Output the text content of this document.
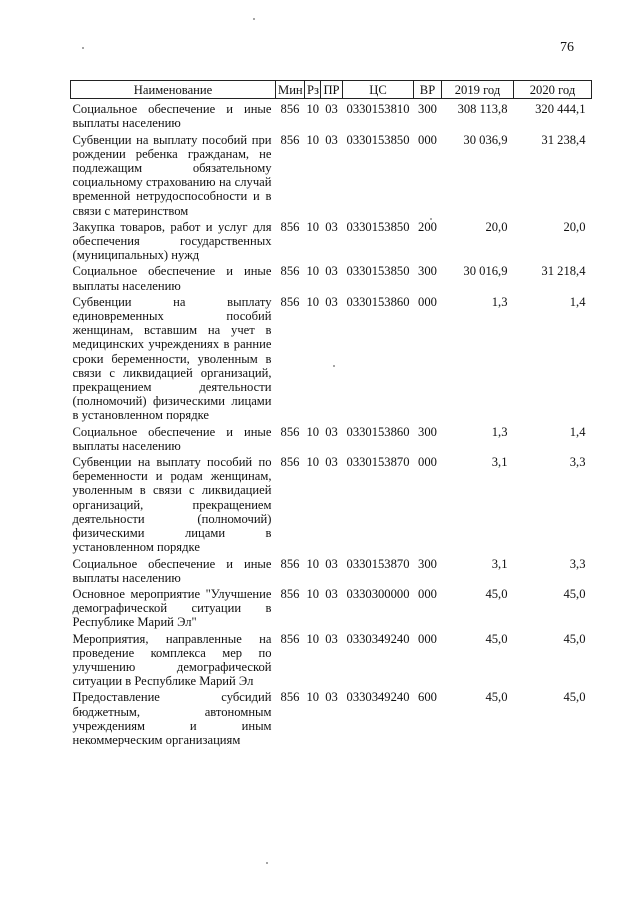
76
Наименование	Мин	Рз	ПР	ЦС	ВР	2019 год	2020 год
Социальное обеспечение и иные выплаты населению	856	10	03	0330153810	300	308 113,8	320 444,1
Субвенции на выплату пособий при рождении ребенка гражданам, не подлежащим обязательному социальному страхованию на случай временной нетрудоспособности и в связи с материнством	856	10	03	0330153850	000	30 036,9	31 238,4
Закупка товаров, работ и услуг для обеспечения государственных (муниципальных) нужд	856	10	03	0330153850	200	20,0	20,0
Социальное обеспечение и иные выплаты населению	856	10	03	0330153850	300	30 016,9	31 218,4
Субвенции на выплату единовременных пособий женщинам, вставшим на учет в медицинских учреждениях в ранние сроки беременности, уволенным в связи с ликвидацией организаций, прекращением деятельности (полномочий) физическими лицами в установленном порядке	856	10	03	0330153860	000	1,3	1,4
Социальное обеспечение и иные выплаты населению	856	10	03	0330153860	300	1,3	1,4
Субвенции на выплату пособий по беременности и родам женщинам, уволенным в связи с ликвидацией организаций, прекращением деятельности (полномочий) физическими лицами в установленном порядке	856	10	03	0330153870	000	3,1	3,3
Социальное обеспечение и иные выплаты населению	856	10	03	0330153870	300	3,1	3,3
Основное мероприятие "Улучшение демографической ситуации в Республике Марий Эл"	856	10	03	0330300000	000	45,0	45,0
Мероприятия, направленные на проведение комплекса мер по улучшению демографической ситуации в Республике Марий Эл	856	10	03	0330349240	000	45,0	45,0
Предоставление субсидий бюджетным, автономным учреждениям и иным некоммерческим организациям	856	10	03	0330349240	600	45,0	45,0
